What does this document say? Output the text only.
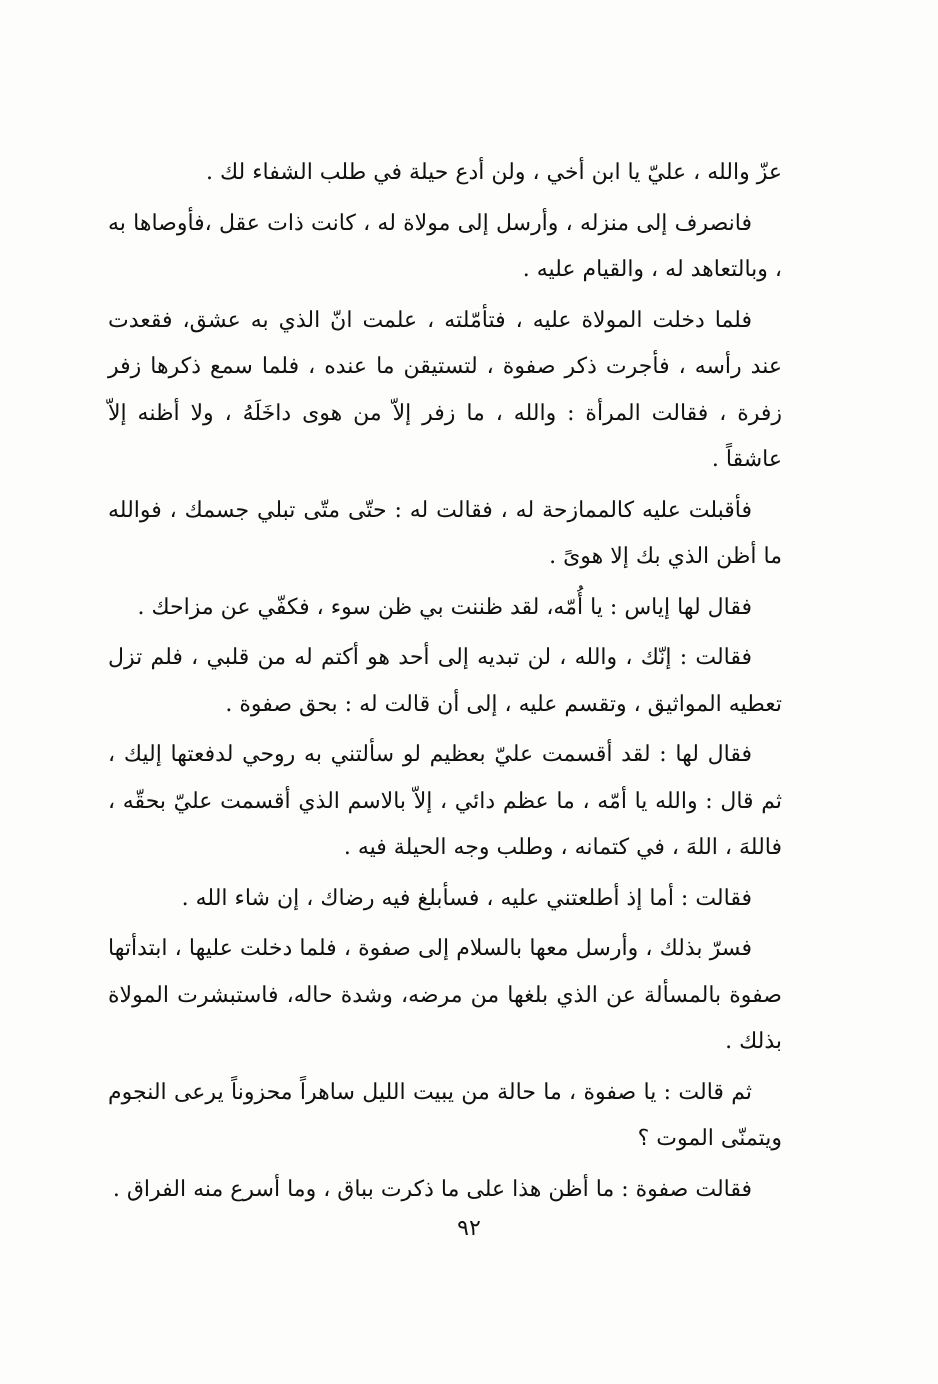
عزّ والله ، عليّ يا ابن أخي ، ولن أدع حيلة في طلب الشفاء لك .

فانصرف إلى منزله ، وأرسل إلى مولاة له ، كانت ذات عقل ،فأوصاها به ، وبالتعاهد له ، والقيام عليه .

فلما دخلت المولاة عليه ، فتأمّلته ، علمت انّ الذي به عشق، فقعدت عند رأسه ، فأجرت ذكر صفوة ، لتستيقن ما عنده ، فلما سمع ذكرها زفر زفرة ، فقالت المرأة : والله ، ما زفر إلاّ من هوى داخَلَهُ ، ولا أظنه إلاّ عاشقاً .

فأقبلت عليه كالممازحة له ، فقالت له : حتّى متّى تبلي جسمك ، فوالله ما أظن الذي بك إلا هوىً .

فقال لها إياس : يا أُمّه، لقد ظننت بي ظن سوء ، فكفّي عن مزاحك .

فقالت : إنّك ، والله ، لن تبديه إلى أحد هو أكتم له من قلبي ، فلم تزل تعطيه المواثيق ، وتقسم عليه ، إلى أن قالت له : بحق صفوة .

فقال لها : لقد أقسمت عليّ بعظيم لو سألتني به روحي لدفعتها إليك ، ثم قال : والله يا أمّه ، ما عظم دائي ، إلاّ بالاسم الذي أقسمت عليّ بحقّه ، فاللهَ ، اللهَ ، في كتمانه ، وطلب وجه الحيلة فيه .

فقالت : أما إذ أطلعتني عليه ، فسأبلغ فيه رضاك ، إن شاء الله .

فسرّ بذلك ، وأرسل معها بالسلام إلى صفوة ، فلما دخلت عليها ، ابتدأتها صفوة بالمسألة عن الذي بلغها من مرضه، وشدة حاله، فاستبشرت المولاة بذلك .

ثم قالت : يا صفوة ، ما حالة من يبيت الليل ساهراً محزوناً يرعى النجوم ويتمنّى الموت ؟

فقالت صفوة : ما أظن هذا على ما ذكرت بباق ، وما أسرع منه الفراق .

٩٢
